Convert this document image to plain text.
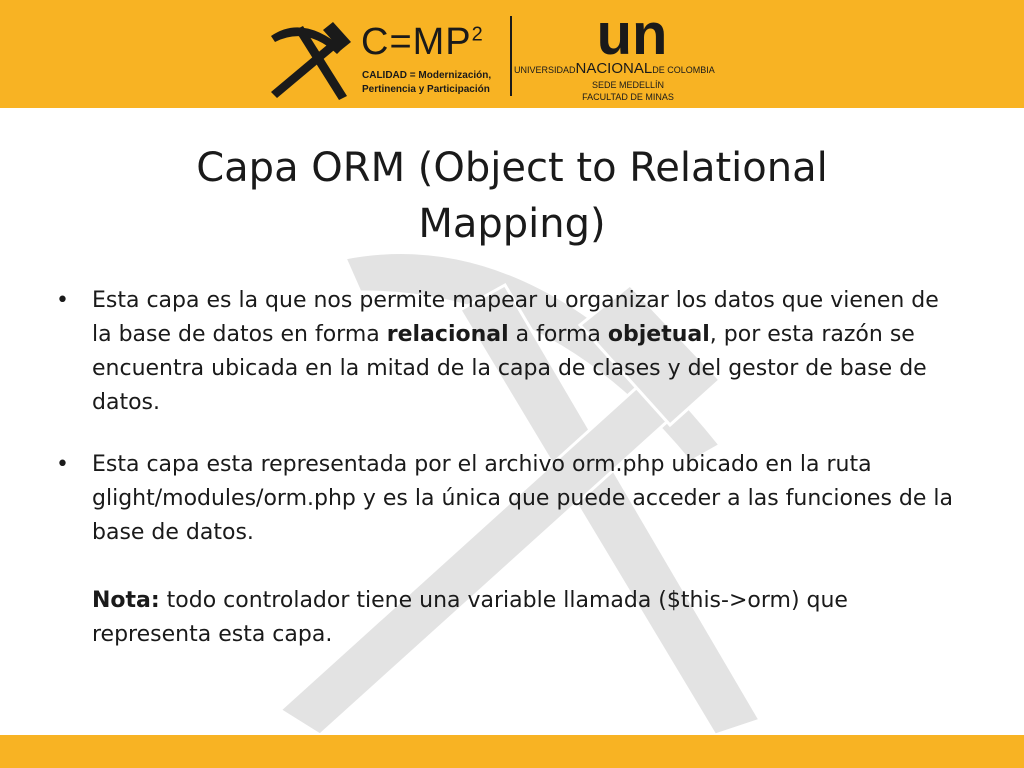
$C=MP^2$
CALIDAD = Modernización,
Pertinencia y Participación
un
UNIVERSIDADNACIONALDE COLOMBIA
SEDE MEDELLÍN
FACULTAD DE MINAS
Capa ORM (Object to Relational
Mapping)
• Esta capa es la que nos permite mapear u organizar los datos que vienen de la base de datos en forma relacional a forma objetual, por esta razón se encuentra ubicada en la mitad de la capa de clases y del gestor de base de datos.
• Esta capa esta representada por el archivo orm.php ubicado en la ruta glight/modules/orm.php y es la única que puede acceder a las funciones de la base de datos.
Nota: todo controlador tiene una variable llamada ($this->orm) que representa esta capa.
